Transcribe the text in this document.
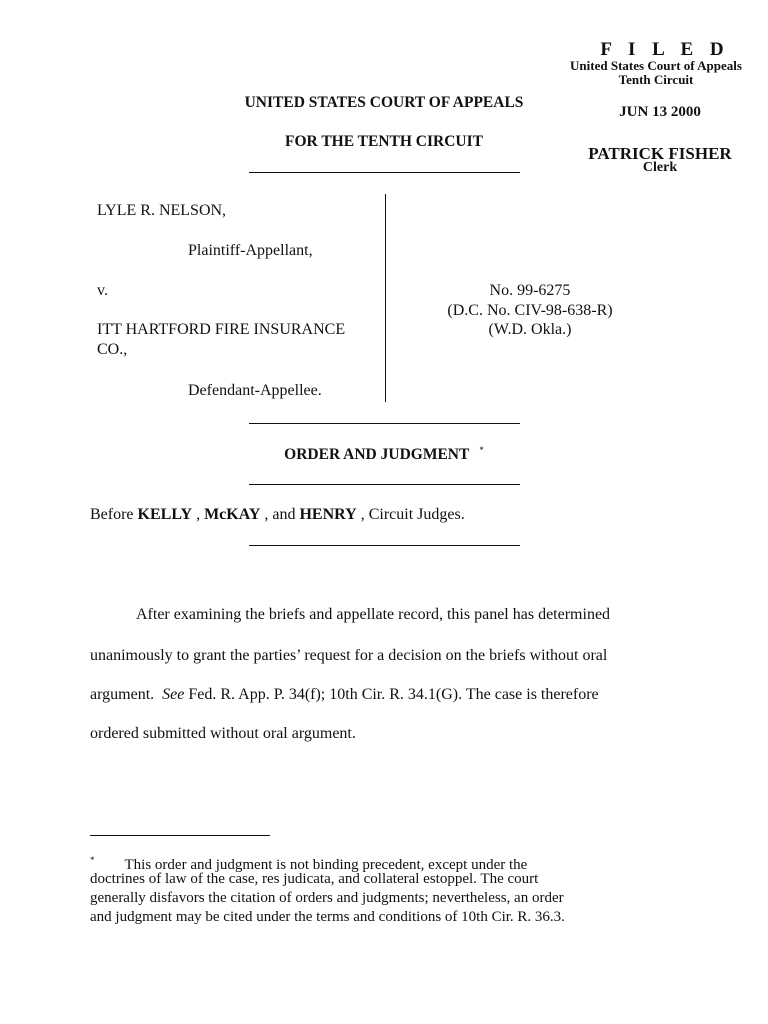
F I L E D
United States Court of Appeals
Tenth Circuit
JUN 13 2000
PATRICK FISHER
Clerk
UNITED STATES COURT OF APPEALS
FOR THE TENTH CIRCUIT
LYLE R. NELSON,
Plaintiff-Appellant,
v.
ITT HARTFORD FIRE INSURANCE
CO.,
Defendant-Appellee.
No. 99-6275
(D.C. No. CIV-98-638-R)
(W.D. Okla.)
ORDER AND JUDGMENT *
Before KELLY , McKAY , and HENRY , Circuit Judges.
After examining the briefs and appellate record, this panel has determined
unanimously to grant the parties’ request for a decision on the briefs without oral
argument. See Fed. R. App. P. 34(f); 10th Cir. R. 34.1(G). The case is therefore
ordered submitted without oral argument.
* This order and judgment is not binding precedent, except under the
doctrines of law of the case, res judicata, and collateral estoppel. The court
generally disfavors the citation of orders and judgments; nevertheless, an order
and judgment may be cited under the terms and conditions of 10th Cir. R. 36.3.
